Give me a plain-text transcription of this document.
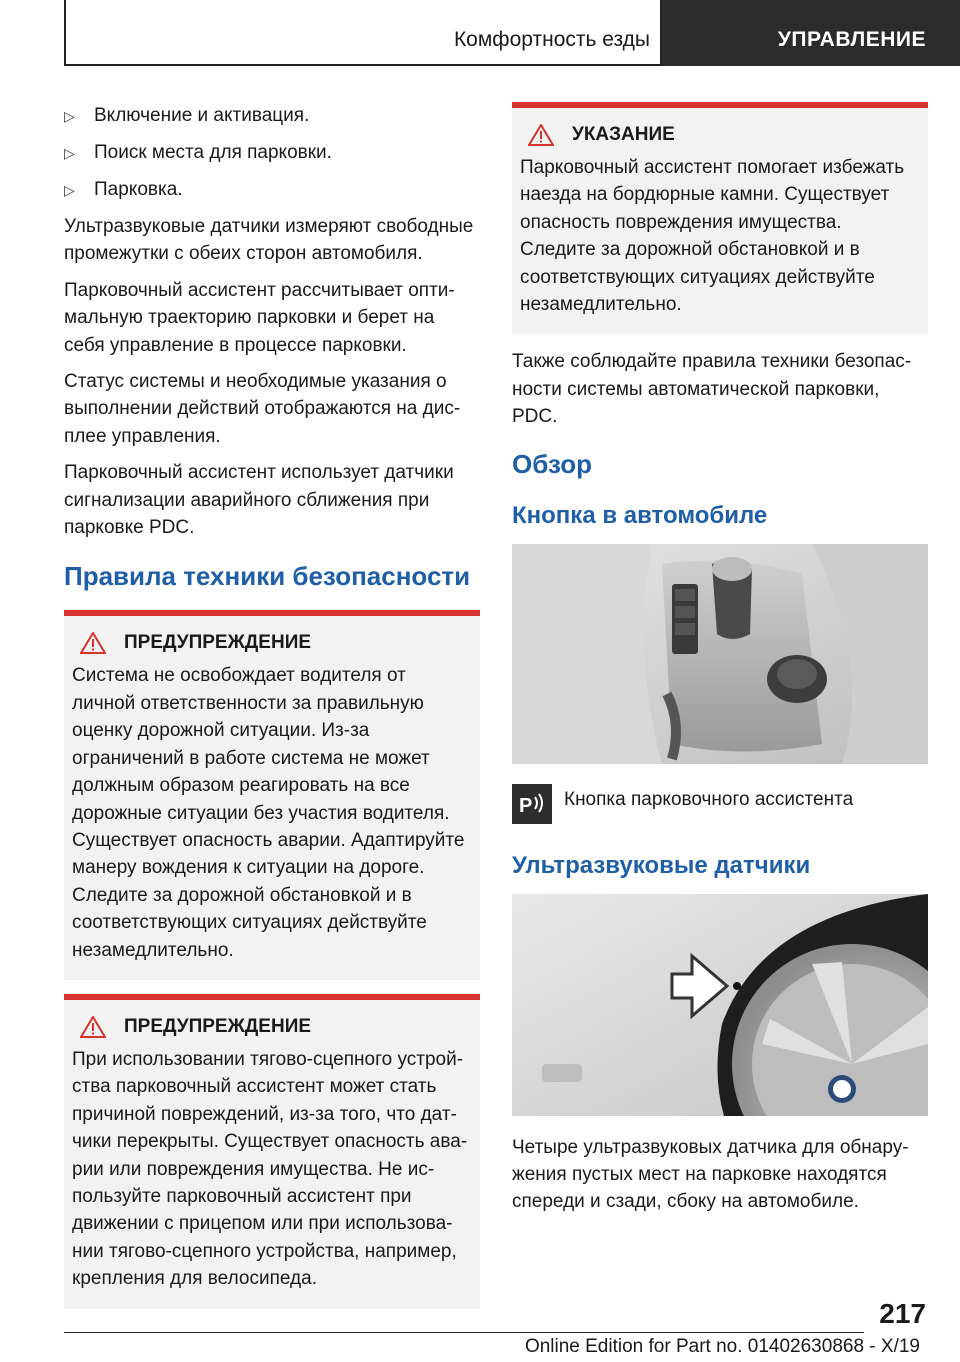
Комфортность езды	УПРАВЛЕНИЕ
▷	Включение и активация.
▷	Поиск места для парковки.
▷	Парковка.

Ультразвуковые датчики измеряют свободные промежутки с обеих сторон автомобиля.

Парковочный ассистент рассчитывает оптимальную траекторию парковки и берет на себя управление в процессе парковки.

Статус системы и необходимые указания о выполнении действий отображаются на дисплее управления.

Парковочный ассистент использует датчики сигнализации аварийного сближения при парковке PDC.

Правила техники безопасности
ПРЕДУПРЕЖДЕНИЕ

Система не освобождает водителя от личной ответственности за правильную оценку дорожной ситуации. Из-за ограничений в работе система не может должным образом реагировать на все дорожные ситуации без участия водителя. Существует опасность аварии. Адаптируйте манеру вождения к ситуации на дороге. Следите за дорожной обстановкой и в соответствующих ситуациях действуйте незамедлительно.

ПРЕДУПРЕЖДЕНИЕ

При использовании тягово-сцепного устройства парковочный ассистент может стать причиной повреждений, из-за того, что датчики перекрыты. Существует опасность аварии или повреждения имущества. Не используйте парковочный ассистент при движении с прицепом или при использовании тягово-сцепного устройства, например, крепления для велосипеда.

УКАЗАНИЕ

Парковочный ассистент помогает избежать наезда на бордюрные камни. Существует опасность повреждения имущества. Следите за дорожной обстановкой и в соответствующих ситуациях действуйте незамедлительно.

Также соблюдайте правила техники безопасности системы автоматической парковки, PDC.

Обзор
Кнопка в автомобиле
P Кнопка парковочного ассистента
Ультразвуковые датчики

Четыре ультразвуковых датчика для обнаружения пустых мест на парковке находятся спереди и сзади, сбоку на автомобиле.

217
Online Edition for Part no. 01402630868 - X/19
